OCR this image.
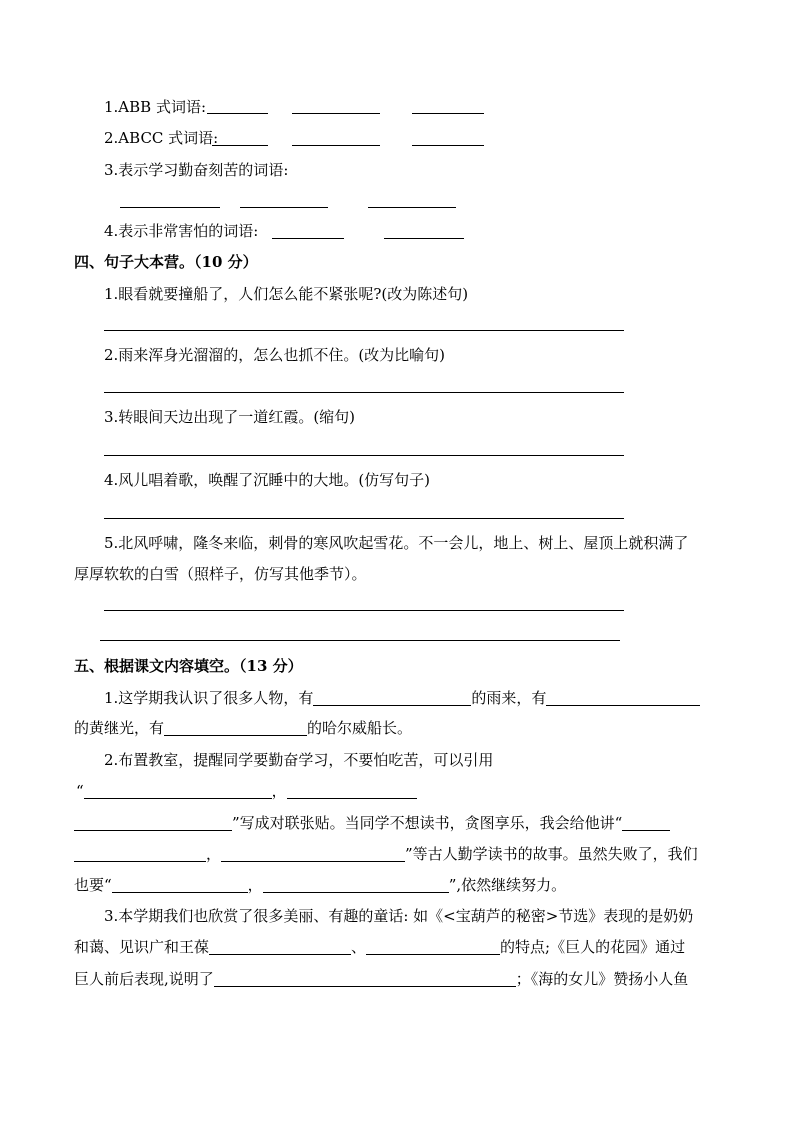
1.ABB 式词语:
2.ABCC 式词语:
3.表示学习勤奋刻苦的词语:
4.表示非常害怕的词语:
四、句子大本营。（10 分）
1.眼看就要撞船了，人们怎么能不紧张呢?(改为陈述句)
2.雨来浑身光溜溜的，怎么也抓不住。(改为比喻句)
3.转眼间天边出现了一道红霞。(缩句)
4.风儿唱着歌，唤醒了沉睡中的大地。(仿写句子)
5.北风呼啸，隆冬来临，刺骨的寒风吹起雪花。不一会儿，地上、树上、屋顶上就积满了
厚厚软软的白雪（照样子，仿写其他季节）。
五、根据课文内容填空。（13 分）
1.这学期我认识了很多人物，有	的雨来，有
的黄继光，有	的哈尔威船长。
2.布置教室，提醒同学要勤奋学习，不要怕吃苦，可以引用
“	，
”写成对联张贴。当同学不想读书，贪图享乐，我会给他讲“
，	”等古人勤学读书的故事。虽然失败了，我们
也要“	，	”,依然继续努力。
3.本学期我们也欣赏了很多美丽、有趣的童话: 如《<宝葫芦的秘密>节选》表现的是奶奶
和蔼、见识广和王葆	、	的特点;《巨人的花园》通过
巨人前后表现,说明了	；《海的女儿》赞扬小人鱼
